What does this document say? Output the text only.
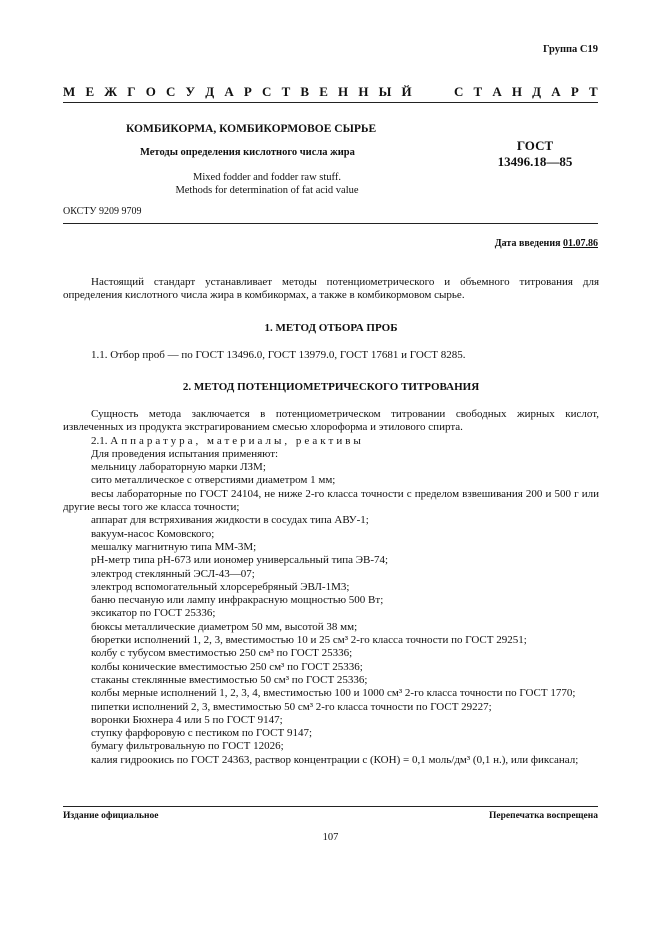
Группа С19
М Е Ж Г О С У Д А Р С Т В Е Н Н Ы Й	С Т А Н Д А Р Т
КОМБИКОРМА, КОМБИКОРМОВОЕ СЫРЬЕ
Методы определения кислотного числа жира	ГОСТ
13496.18—85
Mixed fodder and fodder raw stuff.
Methods for determination of fat acid value
ОКСТУ 9209 9709
Дата введения 01.07.86
Настоящий стандарт устанавливает методы потенциометрического и объемного титрования для определения кислотного числа жира в комбикормах, а также в комбикормовом сырье.
1. МЕТОД ОТБОРА ПРОБ
1.1. Отбор проб — по ГОСТ 13496.0, ГОСТ 13979.0, ГОСТ 17681 и ГОСТ 8285.
2. МЕТОД ПОТЕНЦИОМЕТРИЧЕСКОГО ТИТРОВАНИЯ
Сущность метода заключается в потенциометрическом титровании свободных жирных кислот, извлеченных из продукта экстрагированием смесью хлороформа и этилового спирта.
2.1. Аппаратура, материалы, реактивы
Для проведения испытания применяют:
мельницу лабораторную марки ЛЗМ;
сито металлическое с отверстиями диаметром 1 мм;
весы лабораторные по ГОСТ 24104, не ниже 2-го класса точности с пределом взвешивания 200 и 500 г или другие весы того же класса точности;
аппарат для встряхивания жидкости в сосудах типа АВУ-1;
вакуум-насос Комовского;
мешалку магнитную типа ММ-3М;
рН-метр типа рН-673 или иономер универсальный типа ЭВ-74;
электрод стеклянный ЭСЛ-43—07;
электрод вспомогательный хлорсеребряный ЭВЛ-1М3;
баню песчаную или лампу инфракрасную мощностью 500 Вт;
эксикатор по ГОСТ 25336;
бюксы металлические диаметром 50 мм, высотой 38 мм;
бюретки исполнений 1, 2, 3, вместимостью 10 и 25 см³ 2-го класса точности по ГОСТ 29251;
колбу с тубусом вместимостью 250 см³ по ГОСТ 25336;
колбы конические вместимостью 250 см³ по ГОСТ 25336;
стаканы стеклянные вместимостью 50 см³ по ГОСТ 25336;
колбы мерные исполнений 1, 2, 3, 4, вместимостью 100 и 1000 см³ 2-го класса точности по ГОСТ 1770;
пипетки исполнений 2, 3, вместимостью 50 см³ 2-го класса точности по ГОСТ 29227;
воронки Бюхнера 4 или 5 по ГОСТ 9147;
ступку фарфоровую с пестиком по ГОСТ 9147;
бумагу фильтровальную по ГОСТ 12026;
калия гидроокись по ГОСТ 24363, раствор концентрации с (КОН) = 0,1 моль/дм³ (0,1 н.), или фиксанал;
Издание официальное	Перепечатка воспрещена
107
